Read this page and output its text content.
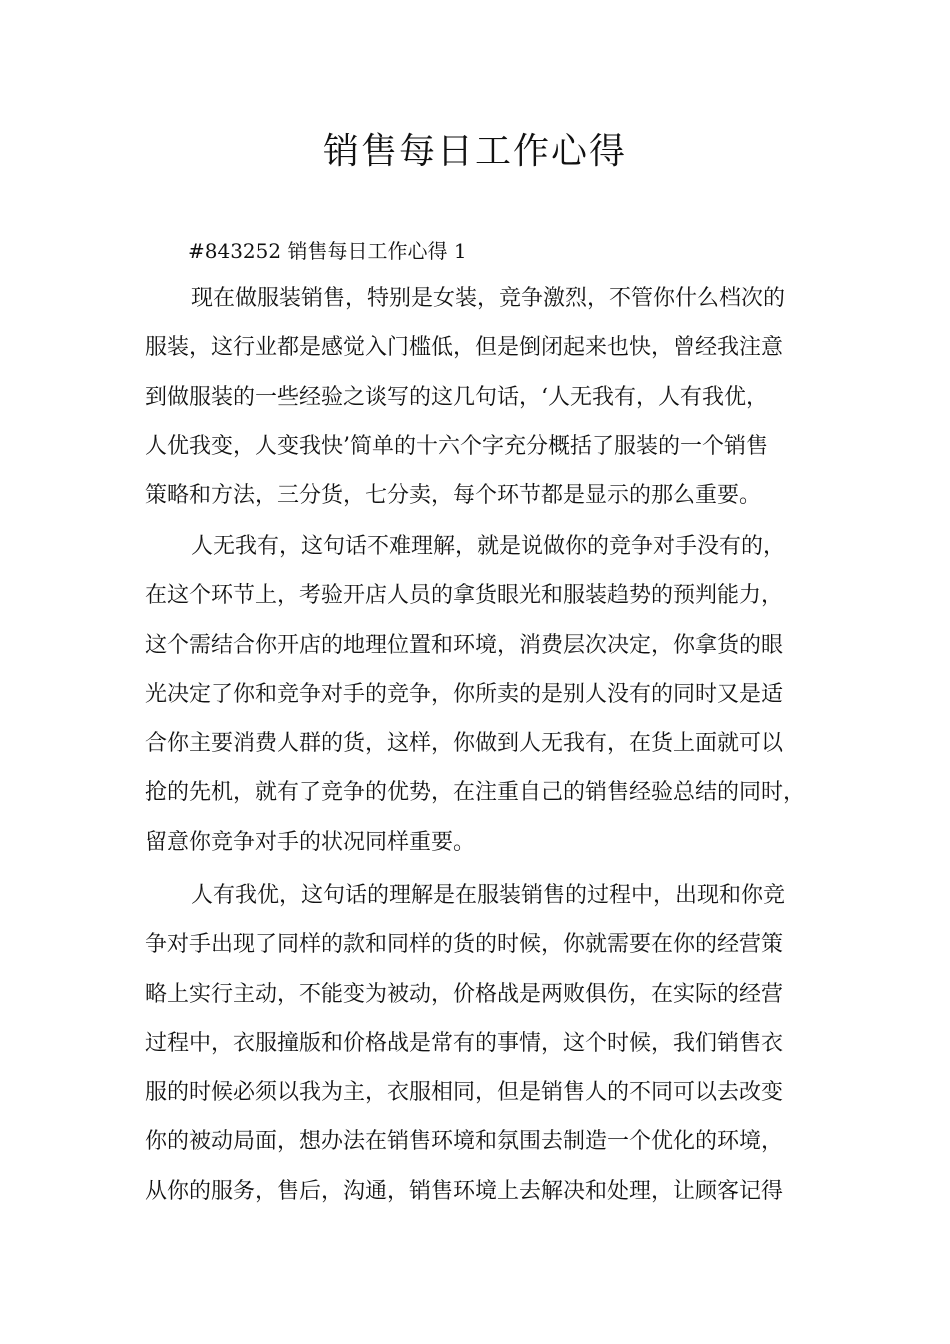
销售每日工作心得

#843252 销售每日工作心得 1

现在做服装销售，特别是女装，竞争激烈，不管你什么档次的
服装，这行业都是感觉入门槛低，但是倒闭起来也快，曾经我注意
到做服装的一些经验之谈写的这几句话，‘人无我有，人有我优，
人优我变，人变我快’简单的十六个字充分概括了服装的一个销售
策略和方法，三分货，七分卖，每个环节都是显示的那么重要。
人无我有，这句话不难理解，就是说做你的竞争对手没有的，
在这个环节上，考验开店人员的拿货眼光和服装趋势的预判能力，
这个需结合你开店的地理位置和环境，消费层次决定，你拿货的眼
光决定了你和竞争对手的竞争，你所卖的是别人没有的同时又是适
合你主要消费人群的货，这样，你做到人无我有，在货上面就可以
抢的先机，就有了竞争的优势，在注重自己的销售经验总结的同时，
留意你竞争对手的状况同样重要。
人有我优，这句话的理解是在服装销售的过程中，出现和你竞
争对手出现了同样的款和同样的货的时候，你就需要在你的经营策
略上实行主动，不能变为被动，价格战是两败俱伤，在实际的经营
过程中，衣服撞版和价格战是常有的事情，这个时候，我们销售衣
服的时候必须以我为主，衣服相同，但是销售人的不同可以去改变
你的被动局面，想办法在销售环境和氛围去制造一个优化的环境，
从你的服务，售后，沟通，销售环境上去解决和处理，让顾客记得
